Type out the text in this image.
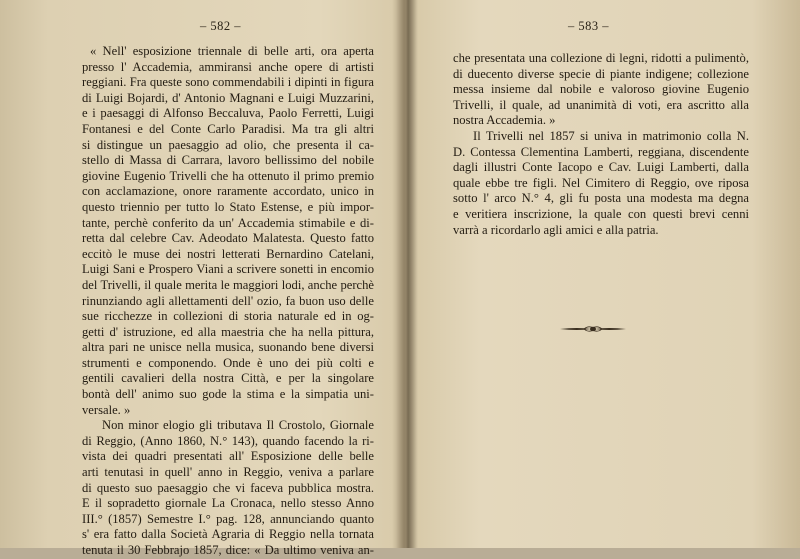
– 582 –
« Nell' esposizione triennale di belle arti, ora aperta
presso l' Accademia, ammiransi anche opere di artisti
reggiani. Fra queste sono commendabili i dipinti in figura
di Luigi Bojardi, d' Antonio Magnani e Luigi Muzzarini,
e i paesaggi di Alfonso Beccaluva, Paolo Ferretti, Luigi
Fontanesi e del Conte Carlo Paradisi. Ma tra gli altri
si distingue un paesaggio ad olio, che presenta il ca-
stello di Massa di Carrara, lavoro bellissimo del nobile
giovine Eugenio Trivelli che ha ottenuto il primo premio
con acclamazione, onore raramente accordato, unico in
questo triennio per tutto lo Stato Estense, e più impor-
tante, perchè conferito da un' Accademia stimabile e di-
retta dal celebre Cav. Adeodato Malatesta. Questo fatto
eccitò le muse dei nostri letterati Bernardino Catelani,
Luigi Sani e Prospero Viani a scrivere sonetti in encomio
del Trivelli, il quale merita le maggiori lodi, anche perchè
rinunziando agli allettamenti dell' ozio, fa buon uso delle
sue ricchezze in collezioni di storia naturale ed in og-
getti d' istruzione, ed alla maestria che ha nella pittura,
altra pari ne unisce nella musica, suonando bene diversi
strumenti e componendo. Onde è uno dei più colti e
gentili cavalieri della nostra Città, e per la singolare
bontà dell' animo suo gode la stima e la simpatia uni-
versale. »
Non minor elogio gli tributava Il Crostolo, Giornale
di Reggio, (Anno 1860, N.° 143), quando facendo la ri-
vista dei quadri presentati all' Esposizione delle belle
arti tenutasi in quell' anno in Reggio, veniva a parlare
di questo suo paesaggio che vi faceva pubblica mostra.
E il sopradetto giornale La Cronaca, nello stesso Anno
III.° (1857) Semestre I.° pag. 128, annunciando quanto
s' era fatto dalla Società Agraria di Reggio nella tornata
tenuta il 30 Febbrajo 1857, dice: « Da ultimo veniva an-
– 583 –
che presentata una collezione di legni, ridotti a pulimentò,
di duecento diverse specie di piante indigene; collezione
messa insieme dal nobile e valoroso giovine Eugenio
Trivelli, il quale, ad unanimità di voti, era ascritto alla
nostra Accademia. »
Il Trivelli nel 1857 si univa in matrimonio colla N.
D. Contessa Clementina Lamberti, reggiana, discendente
dagli illustri Conte Iacopo e Cav. Luigi Lamberti, dalla
quale ebbe tre figli. Nel Cimitero di Reggio, ove riposa
sotto l' arco N.° 4, gli fu posta una modesta ma degna
e veritiera inscrizione, la quale con questi brevi cenni
varrà a ricordarlo agli amici e alla patria.
